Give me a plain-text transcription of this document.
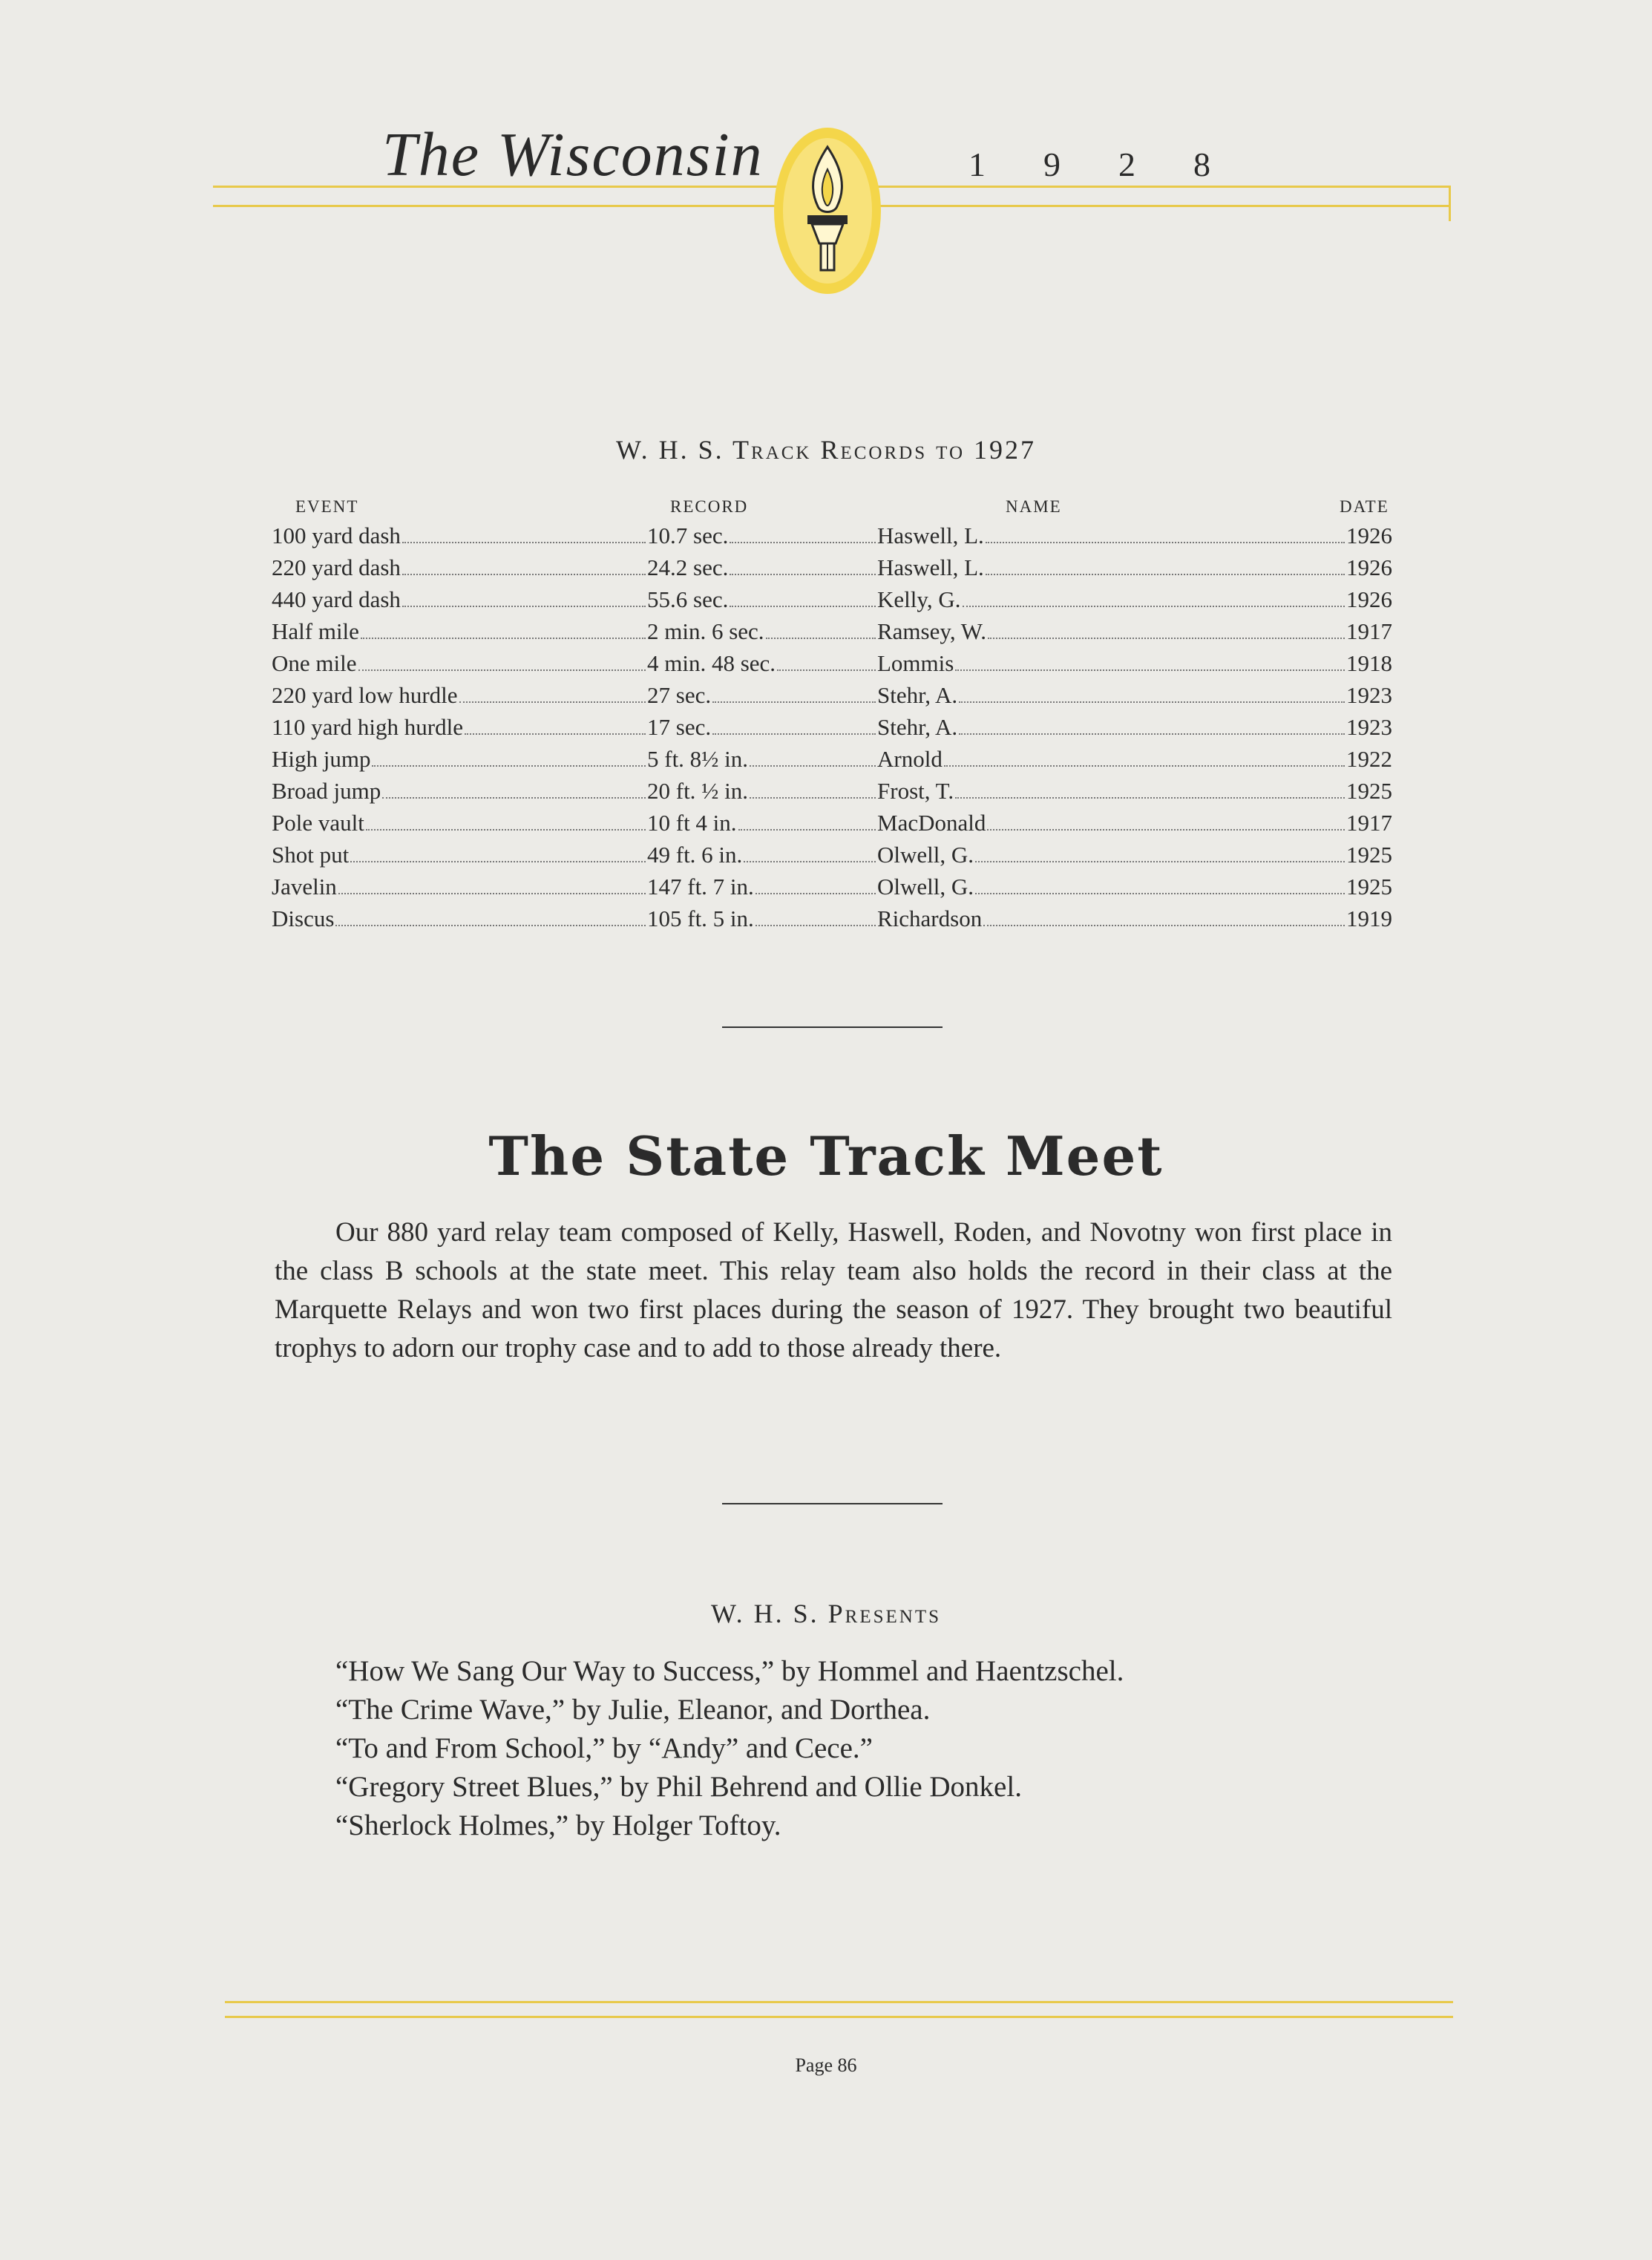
The Wisconsin	1928
W. H. S. Track Records to 1927
EVENT	RECORD	NAME	DATE
100 yard dash	10.7 sec.	Haswell, L.	1926
220 yard dash	24.2 sec.	Haswell, L.	1926
440 yard dash	55.6 sec.	Kelly, G.	1926
Half mile	2 min. 6 sec.	Ramsey, W.	1917
One mile	4 min. 48 sec.	Lommis	1918
220 yard low hurdle	27 sec.	Stehr, A.	1923
110 yard high hurdle	17 sec.	Stehr, A.	1923
High jump	5 ft. 8½ in.	Arnold	1922
Broad jump	20 ft. ½ in.	Frost, T.	1925
Pole vault	10 ft 4 in.	MacDonald	1917
Shot put	49 ft. 6 in.	Olwell, G.	1925
Javelin	147 ft. 7 in.	Olwell, G.	1925
Discus	105 ft. 5 in.	Richardson	1919
The State Track Meet
Our 880 yard relay team composed of Kelly, Haswell, Roden, and Novotny won first place in the class B schools at the state meet. This relay team also holds the record in their class at the Marquette Relays and won two first places during the season of 1927. They brought two beautiful trophys to adorn our trophy case and to add to those already there.
W. H. S. Presents
“How We Sang Our Way to Success,” by Hommel and Haentzschel.
“The Crime Wave,” by Julie, Eleanor, and Dorthea.
“To and From School,” by “Andy” and Cece.”
“Gregory Street Blues,” by Phil Behrend and Ollie Donkel.
“Sherlock Holmes,” by Holger Toftoy.
Page 86
